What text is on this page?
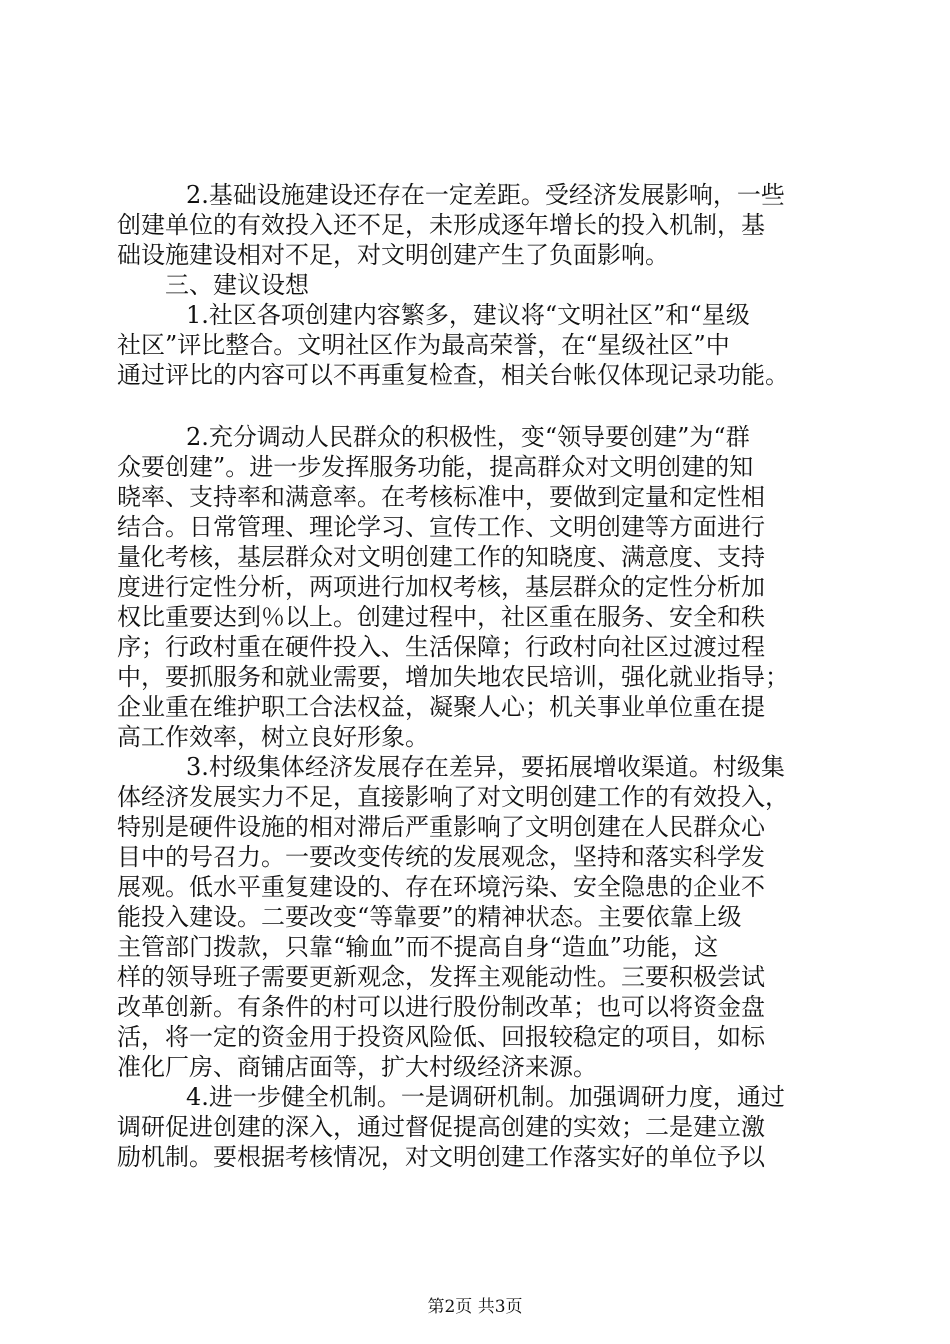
2.基础设施建设还存在一定差距。受经济发展影响，一些
创建单位的有效投入还不足，未形成逐年增长的投入机制，基
础设施建设相对不足，对文明创建产生了负面影响。
三、建议设想
1.社区各项创建内容繁多，建议将“文明社区”和“星级
社区”评比整合。文明社区作为最高荣誉，在“星级社区”中
通过评比的内容可以不再重复检查，相关台帐仅体现记录功能。
2.充分调动人民群众的积极性，变“领导要创建”为“群
众要创建”。进一步发挥服务功能，提高群众对文明创建的知
晓率、支持率和满意率。在考核标准中，要做到定量和定性相
结合。日常管理、理论学习、宣传工作、文明创建等方面进行
量化考核，基层群众对文明创建工作的知晓度、满意度、支持
度进行定性分析，两项进行加权考核，基层群众的定性分析加
权比重要达到％以上。创建过程中，社区重在服务、安全和秩
序；行政村重在硬件投入、生活保障；行政村向社区过渡过程
中，要抓服务和就业需要，增加失地农民培训，强化就业指导；
企业重在维护职工合法权益，凝聚人心；机关事业单位重在提
高工作效率，树立良好形象。
3.村级集体经济发展存在差异，要拓展增收渠道。村级集
体经济发展实力不足，直接影响了对文明创建工作的有效投入，
特别是硬件设施的相对滞后严重影响了文明创建在人民群众心
目中的号召力。一要改变传统的发展观念，坚持和落实科学发
展观。低水平重复建设的、存在环境污染、安全隐患的企业不
能投入建设。二要改变“等靠要”的精神状态。主要依靠上级
主管部门拨款，只靠“输血”而不提高自身“造血”功能，这
样的领导班子需要更新观念，发挥主观能动性。三要积极尝试
改革创新。有条件的村可以进行股份制改革；也可以将资金盘
活，将一定的资金用于投资风险低、回报较稳定的项目，如标
准化厂房、商铺店面等，扩大村级经济来源。
4.进一步健全机制。一是调研机制。加强调研力度，通过
调研促进创建的深入，通过督促提高创建的实效；二是建立激
励机制。要根据考核情况，对文明创建工作落实好的单位予以
第2页 共3页
